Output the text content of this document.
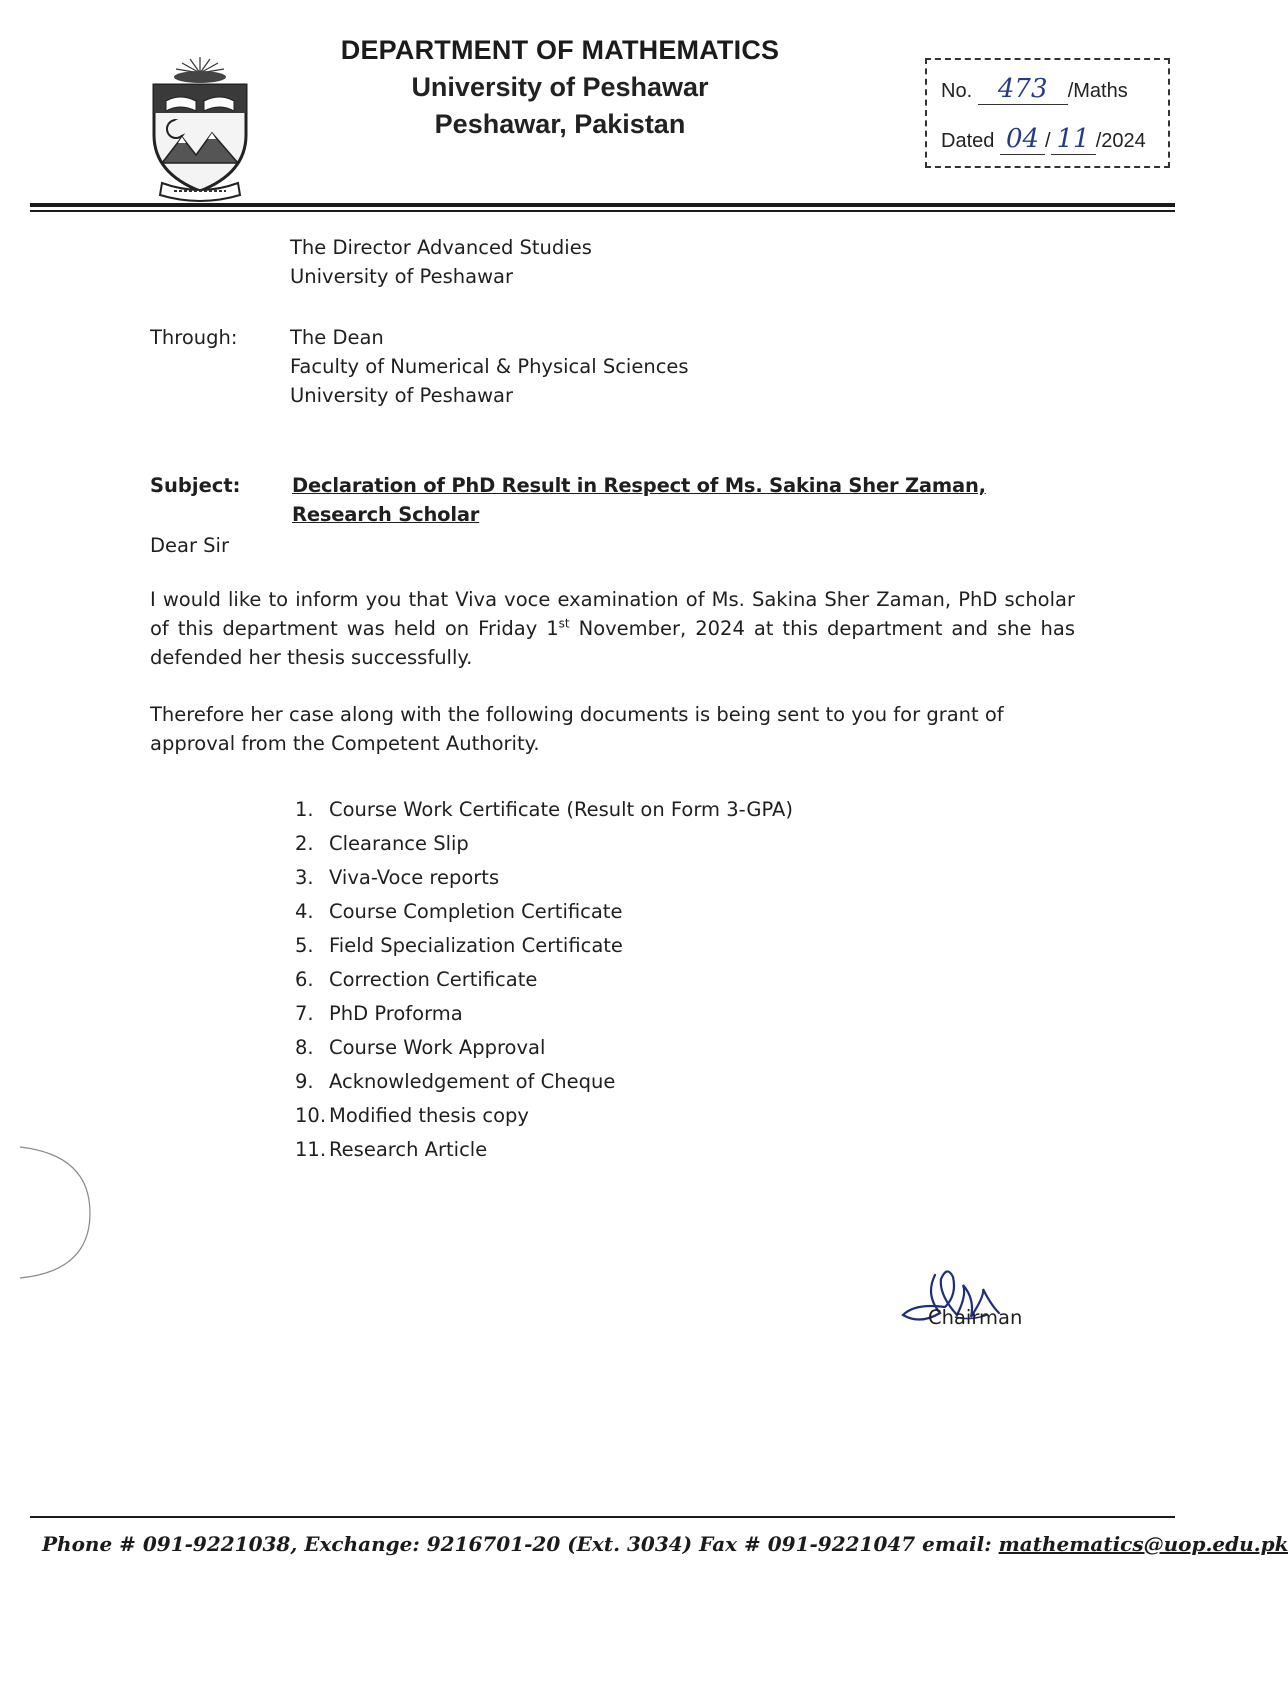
DEPARTMENT OF MATHEMATICS
University of Peshawar
Peshawar, Pakistan
No. 473 /Maths
Dated 04 / 11 /2024
The Director Advanced Studies
University of Peshawar
Through:	The Dean
Faculty of Numerical & Physical Sciences
University of Peshawar
Subject:	Declaration of PhD Result in Respect of Ms. Sakina Sher Zaman, Research Scholar
Dear Sir
I would like to inform you that Viva voce examination of Ms. Sakina Sher Zaman, PhD scholar of this department was held on Friday 1st November, 2024 at this department and she has defended her thesis successfully.
Therefore her case along with the following documents is being sent to you for grant of approval from the Competent Authority.
1. Course Work Certificate (Result on Form 3-GPA)
2. Clearance Slip
3. Viva-Voce reports
4. Course Completion Certificate
5. Field Specialization Certificate
6. Correction Certificate
7. PhD Proforma
8. Course Work Approval
9. Acknowledgement of Cheque
10. Modified thesis copy
11. Research Article
Chairman
Phone # 091-9221038, Exchange: 9216701-20 (Ext. 3034) Fax # 091-9221047 email: mathematics@uop.edu.pk
